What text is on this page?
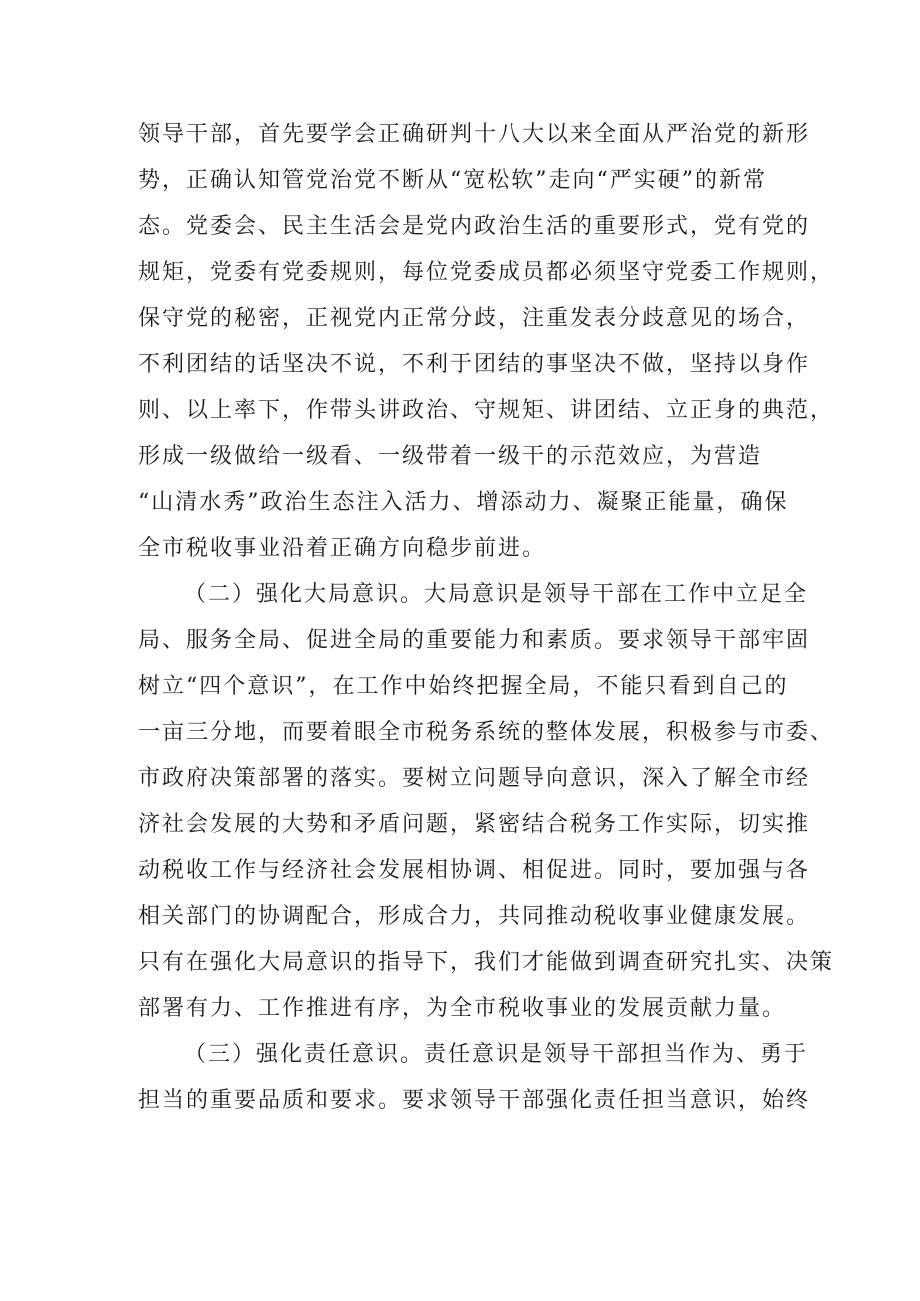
领导干部，首先要学会正确研判十八大以来全面从严治党的新形
势，正确认知管党治党不断从“宽松软”走向“严实硬”的新常
态。党委会、民主生活会是党内政治生活的重要形式，党有党的
规矩，党委有党委规则，每位党委成员都必须坚守党委工作规则，
保守党的秘密，正视党内正常分歧，注重发表分歧意见的场合，
不利团结的话坚决不说，不利于团结的事坚决不做，坚持以身作
则、以上率下，作带头讲政治、守规矩、讲团结、立正身的典范，
形成一级做给一级看、一级带着一级干的示范效应，为营造
“山清水秀”政治生态注入活力、增添动力、凝聚正能量，确保
全市税收事业沿着正确方向稳步前进。
（二）强化大局意识。大局意识是领导干部在工作中立足全
局、服务全局、促进全局的重要能力和素质。要求领导干部牢固
树立“四个意识”，在工作中始终把握全局，不能只看到自己的
一亩三分地，而要着眼全市税务系统的整体发展，积极参与市委、
市政府决策部署的落实。要树立问题导向意识，深入了解全市经
济社会发展的大势和矛盾问题，紧密结合税务工作实际，切实推
动税收工作与经济社会发展相协调、相促进。同时，要加强与各
相关部门的协调配合，形成合力，共同推动税收事业健康发展。
只有在强化大局意识的指导下，我们才能做到调查研究扎实、决策
部署有力、工作推进有序，为全市税收事业的发展贡献力量。
（三）强化责任意识。责任意识是领导干部担当作为、勇于
担当的重要品质和要求。要求领导干部强化责任担当意识，始终
